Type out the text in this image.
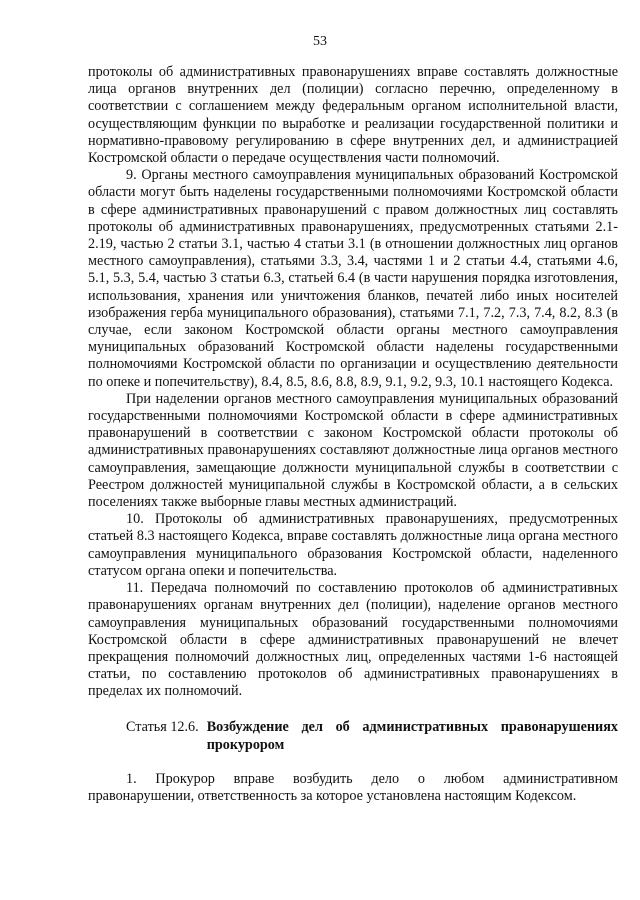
53

протоколы об административных правонарушениях вправе составлять должностные лица органов внутренних дел (полиции) согласно перечню, определенному в соответствии с соглашением между федеральным органом исполнительной власти, осуществляющим функции по выработке и реализации государственной политики и нормативно-правовому регулированию в сфере внутренних дел, и администрацией Костромской области о передаче осуществления части полномочий.

9. Органы местного самоуправления муниципальных образований Костромской области могут быть наделены государственными полномочиями Костромской области в сфере административных правонарушений с правом должностных лиц составлять протоколы об административных правонарушениях, предусмотренных статьями 2.1-2.19, частью 2 статьи 3.1, частью 4 статьи 3.1 (в отношении должностных лиц органов местного самоуправления), статьями 3.3, 3.4, частями 1 и 2 статьи 4.4, статьями 4.6, 5.1, 5.3, 5.4, частью 3 статьи 6.3, статьей 6.4 (в части нарушения порядка изготовления, использования, хранения или уничтожения бланков, печатей либо иных носителей изображения герба муниципального образования), статьями 7.1, 7.2, 7.3, 7.4, 8.2, 8.3 (в случае, если законом Костромской области органы местного самоуправления муниципальных образований Костромской области наделены государственными полномочиями Костромской области по организации и осуществлению деятельности по опеке и попечительству), 8.4, 8.5, 8.6, 8.8, 8.9, 9.1, 9.2, 9.3, 10.1 настоящего Кодекса.

При наделении органов местного самоуправления муниципальных образований государственными полномочиями Костромской области в сфере административных правонарушений в соответствии с законом Костромской области протоколы об административных правонарушениях составляют должностные лица органов местного самоуправления, замещающие должности муниципальной службы в соответствии с Реестром должностей муниципальной службы в Костромской области, а в сельских поселениях также выборные главы местных администраций.

10. Протоколы об административных правонарушениях, предусмотренных статьей 8.3 настоящего Кодекса, вправе составлять должностные лица органа местного самоуправления муниципального образования Костромской области, наделенного статусом органа опеки и попечительства.

11. Передача полномочий по составлению протоколов об административных правонарушениях органам внутренних дел (полиции), наделение органов местного самоуправления муниципальных образований государственными полномочиями Костромской области в сфере административных правонарушений не влечет прекращения полномочий должностных лиц, определенных частями 1-6 настоящей статьи, по составлению протоколов об административных правонарушениях в пределах их полномочий.

Статья 12.6. Возбуждение дел об административных правонарушениях прокурором

1. Прокурор вправе возбудить дело о любом административном правонарушении, ответственность за которое установлена настоящим Кодексом.
